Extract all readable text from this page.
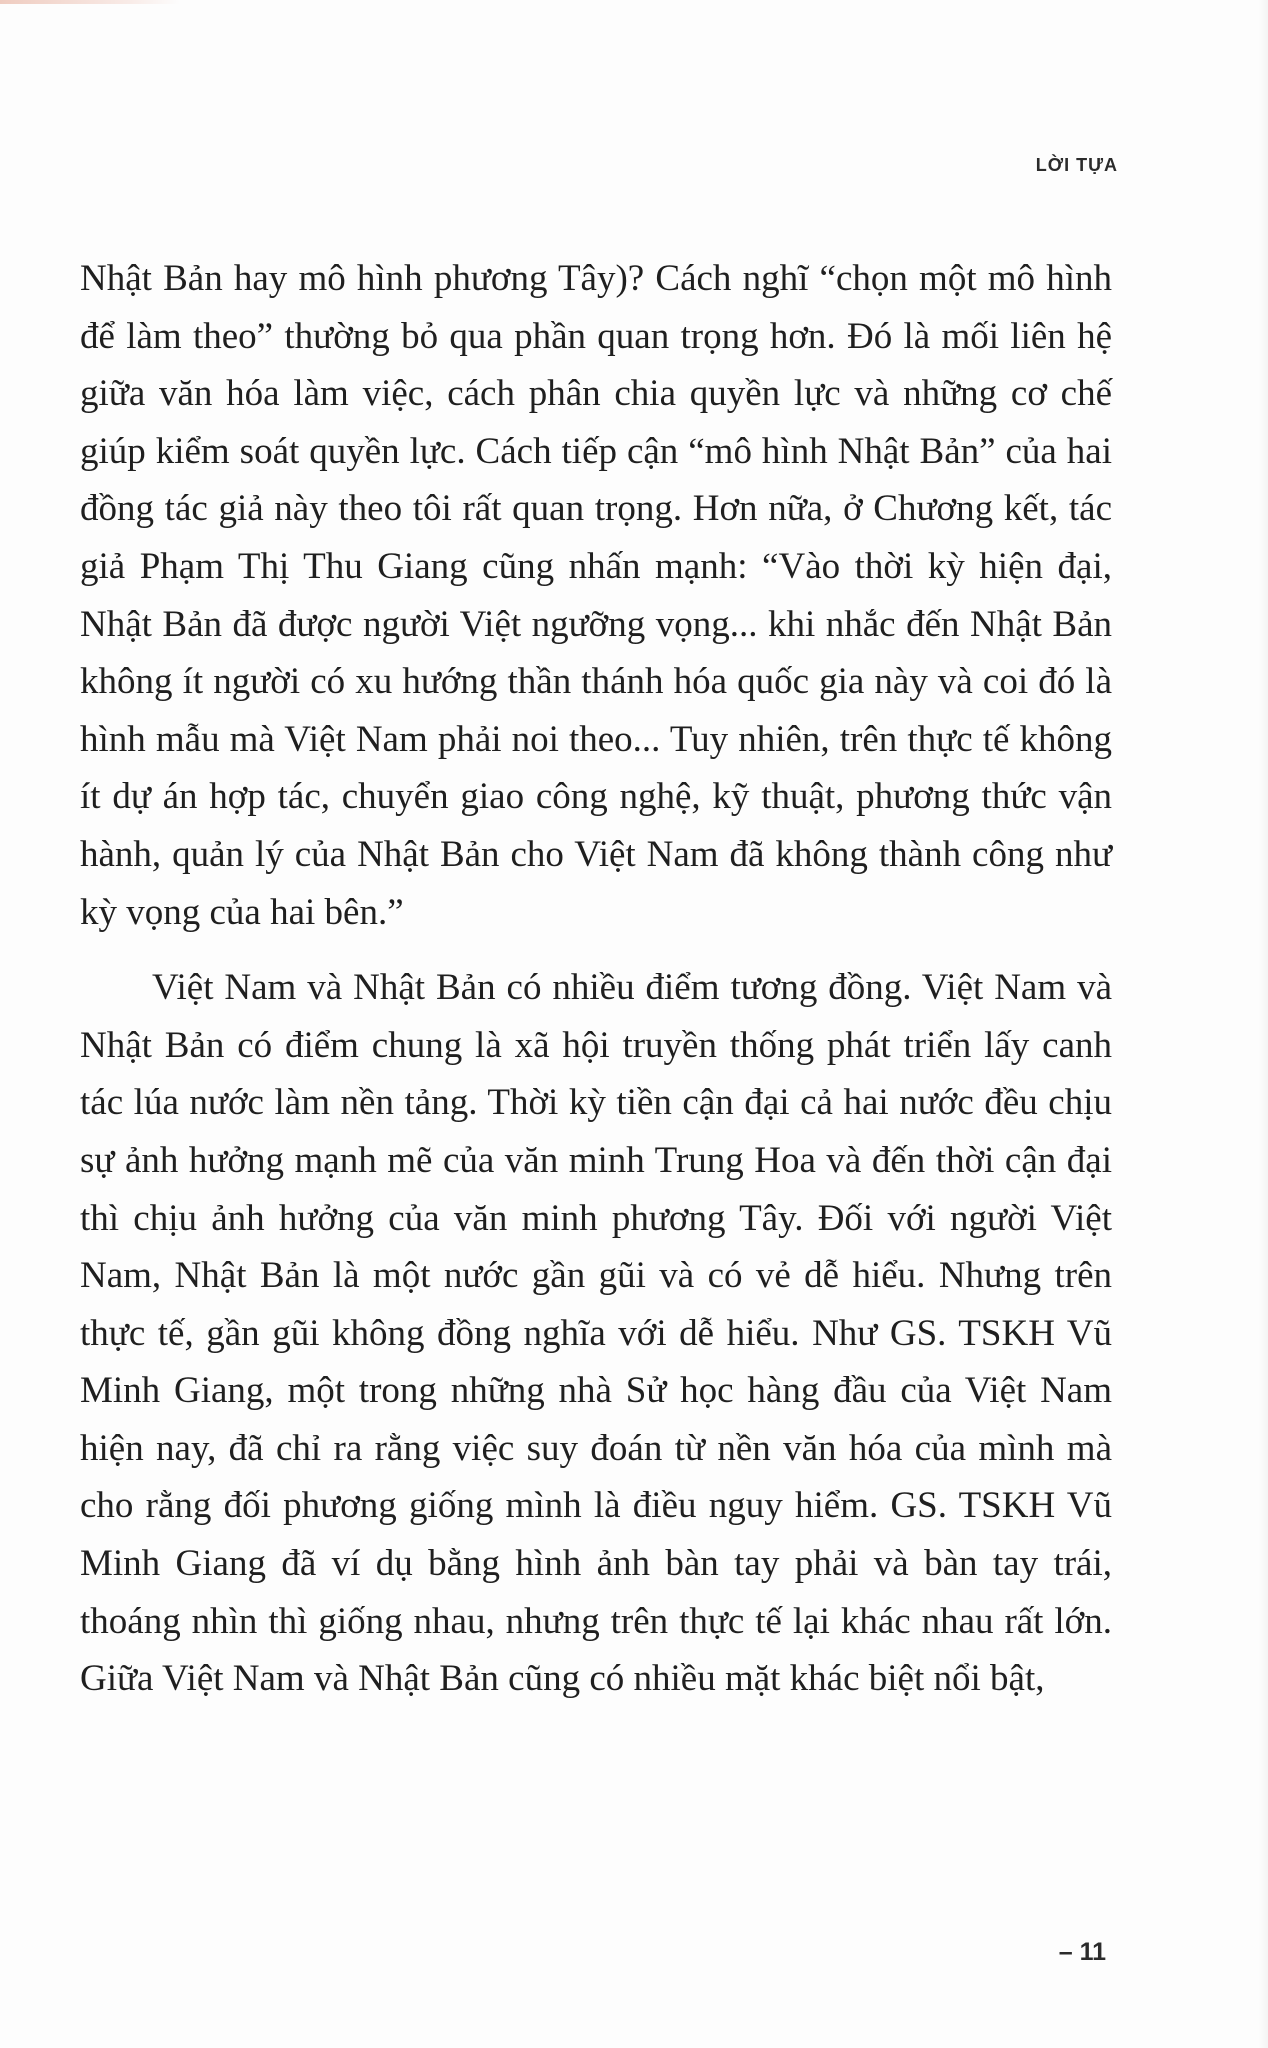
LỜI TỰA

Nhật Bản hay mô hình phương Tây)? Cách nghĩ “chọn một mô hình để làm theo” thường bỏ qua phần quan trọng hơn. Đó là mối liên hệ giữa văn hóa làm việc, cách phân chia quyền lực và những cơ chế giúp kiểm soát quyền lực. Cách tiếp cận “mô hình Nhật Bản” của hai đồng tác giả này theo tôi rất quan trọng. Hơn nữa, ở Chương kết, tác giả Phạm Thị Thu Giang cũng nhấn mạnh: “Vào thời kỳ hiện đại, Nhật Bản đã được người Việt ngưỡng vọng... khi nhắc đến Nhật Bản không ít người có xu hướng thần thánh hóa quốc gia này và coi đó là hình mẫu mà Việt Nam phải noi theo... Tuy nhiên, trên thực tế không ít dự án hợp tác, chuyển giao công nghệ, kỹ thuật, phương thức vận hành, quản lý của Nhật Bản cho Việt Nam đã không thành công như kỳ vọng của hai bên.”

Việt Nam và Nhật Bản có nhiều điểm tương đồng. Việt Nam và Nhật Bản có điểm chung là xã hội truyền thống phát triển lấy canh tác lúa nước làm nền tảng. Thời kỳ tiền cận đại cả hai nước đều chịu sự ảnh hưởng mạnh mẽ của văn minh Trung Hoa và đến thời cận đại thì chịu ảnh hưởng của văn minh phương Tây. Đối với người Việt Nam, Nhật Bản là một nước gần gũi và có vẻ dễ hiểu. Nhưng trên thực tế, gần gũi không đồng nghĩa với dễ hiểu. Như GS. TSKH Vũ Minh Giang, một trong những nhà Sử học hàng đầu của Việt Nam hiện nay, đã chỉ ra rằng việc suy đoán từ nền văn hóa của mình mà cho rằng đối phương giống mình là điều nguy hiểm. GS. TSKH Vũ Minh Giang đã ví dụ bằng hình ảnh bàn tay phải và bàn tay trái, thoáng nhìn thì giống nhau, nhưng trên thực tế lại khác nhau rất lớn. Giữa Việt Nam và Nhật Bản cũng có nhiều mặt khác biệt nổi bật,

– 11
